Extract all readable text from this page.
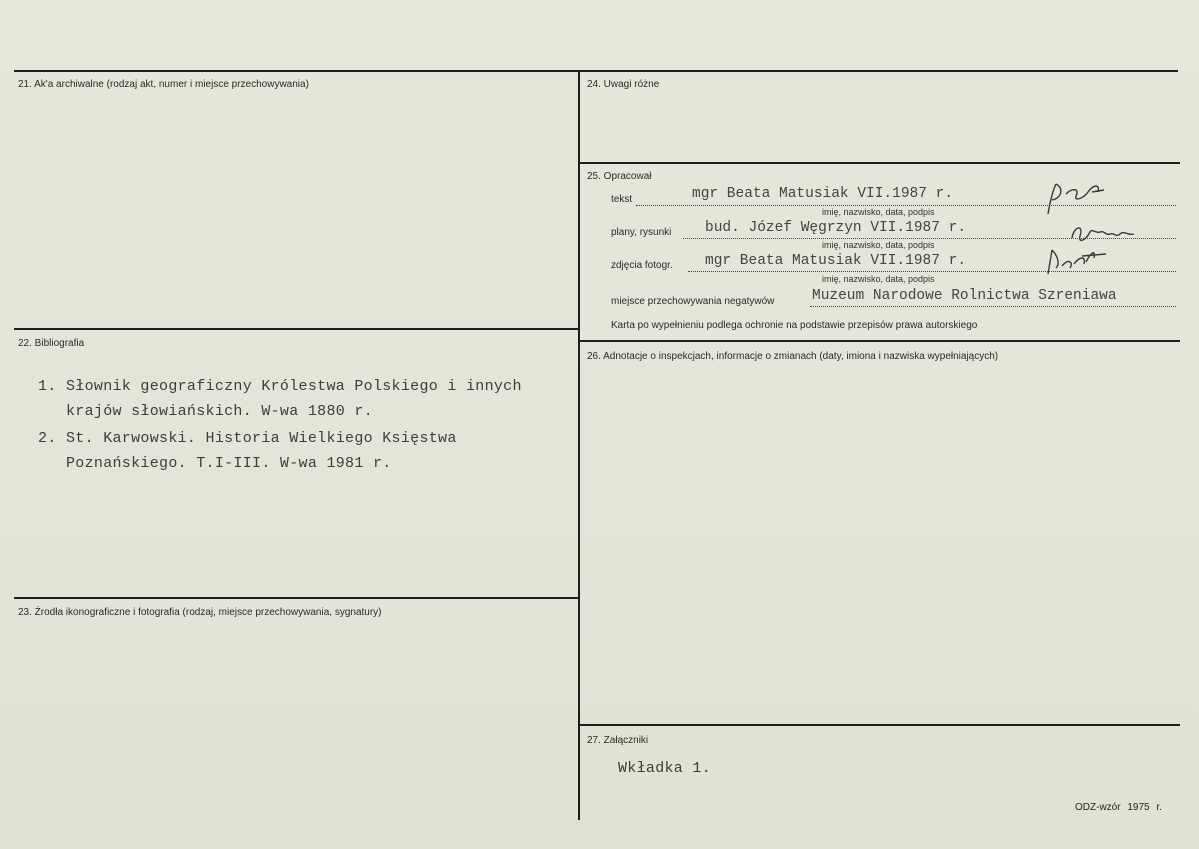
21. Ak'a archiwalne (rodzaj akt, numer i miejsce przechowywania)
22. Bibliografia
1. Słownik geograficzny Królestwa Polskiego i innych
krajów słowiańskich. W-wa 1880 r.
2. St. Karwowski. Historia Wielkiego Księstwa
Poznańskiego. T.I-III. W-wa 1981 r.
23. Źrodła ikonograficzne i fotografia (rodzaj, miejsce przechowywania, sygnatury)
24. Uwagi różne
25. Opracował
tekst	mgr Beata Matusiak VII.1987 r.
imię, nazwisko, data, podpis
plany, rysunki bud. Józef Węgrzyn VII.1987 r.
imię, nazwisko, data, podpis
zdjęcia fotogr. mgr Beata Matusiak VII.1987 r.
imię, nazwisko, data, podpis
miejsce przechowywania negatywów	Muzeum Narodowe Rolnictwa Szreniawa
Karta po wypełnieniu podlega ochronie na podstawie przepisów prawa autorskiego
26. Adnotacje o inspekcjach, informacje o zmianach (daty, imiona i nazwiska wypełniających)
27. Załączniki
Wkładka 1.
ODZ-wzór 1975 r.
